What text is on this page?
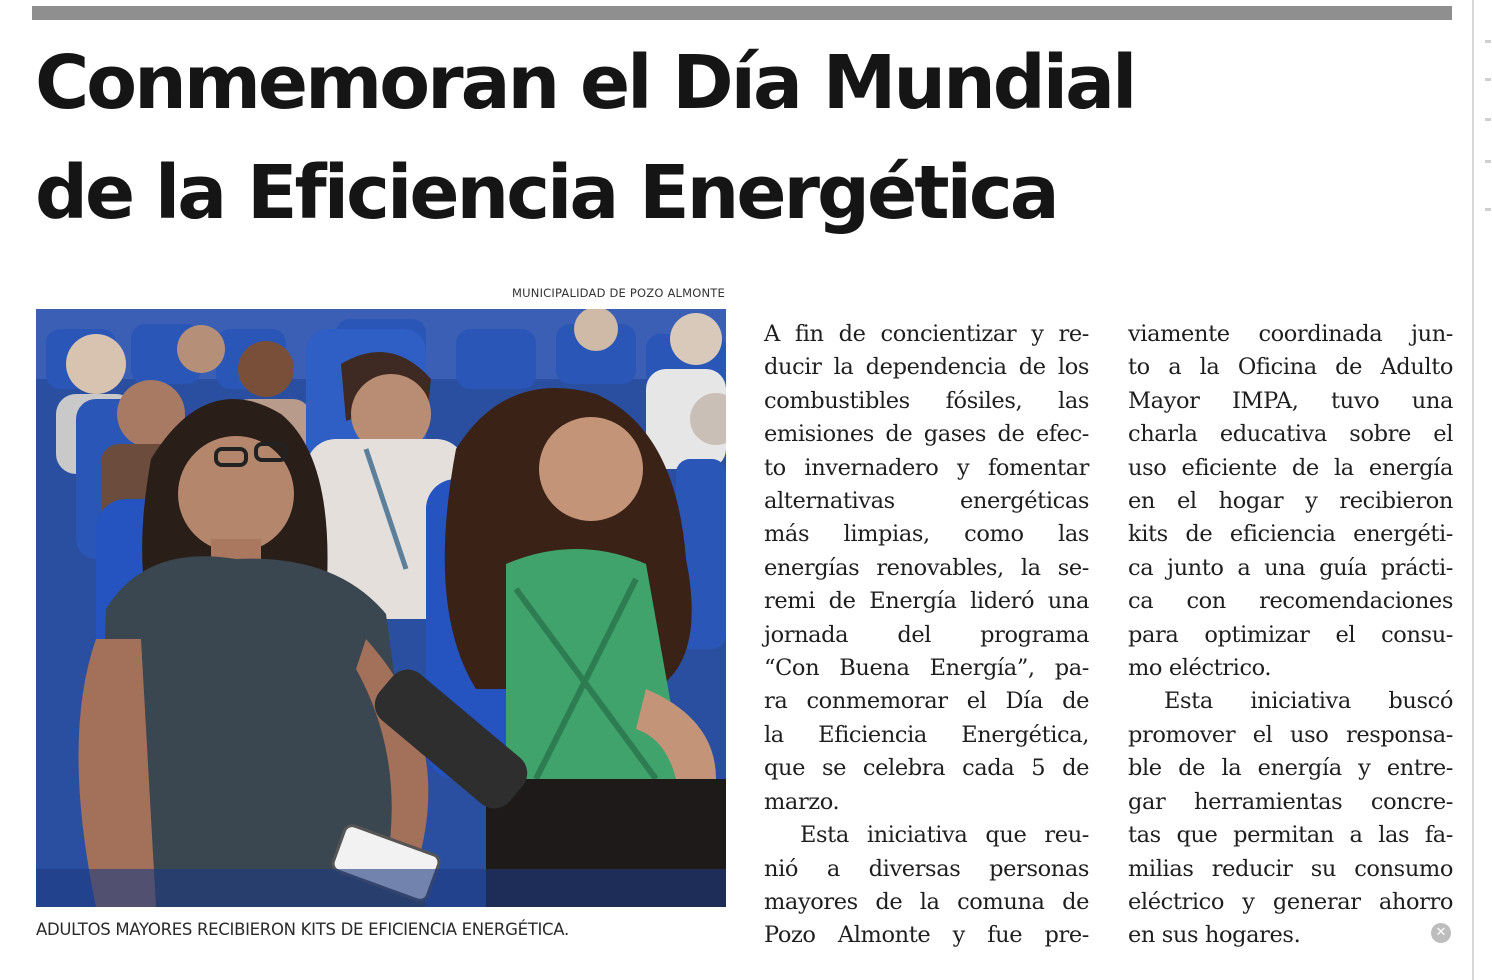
Conmemoran el Día Mundial
de la Eficiencia Energética
MUNICIPALIDAD DE POZO ALMONTE
ADULTOS MAYORES RECIBIERON KITS DE EFICIENCIA ENERGÉTICA.
A fin de concientizar y re-
ducir la dependencia de los
combustibles fósiles, las
emisiones de gases de efec-
to invernadero y fomentar
alternativas energéticas
más limpias, como las
energías renovables, la se-
remi de Energía lideró una
jornada del programa
“Con Buena Energía”, pa-
ra conmemorar el Día de
la Eficiencia Energética,
que se celebra cada 5 de
marzo.
Esta iniciativa que reu-
nió a diversas personas
mayores de la comuna de
Pozo Almonte y fue pre-
viamente coordinada jun-
to a la Oficina de Adulto
Mayor IMPA, tuvo una
charla educativa sobre el
uso eficiente de la energía
en el hogar y recibieron
kits de eficiencia energéti-
ca junto a una guía prácti-
ca con recomendaciones
para optimizar el consu-
mo eléctrico.
Esta iniciativa buscó
promover el uso responsa-
ble de la energía y entre-
gar herramientas concre-
tas que permitan a las fa-
milias reducir su consumo
eléctrico y generar ahorro
en sus hogares.	✕
